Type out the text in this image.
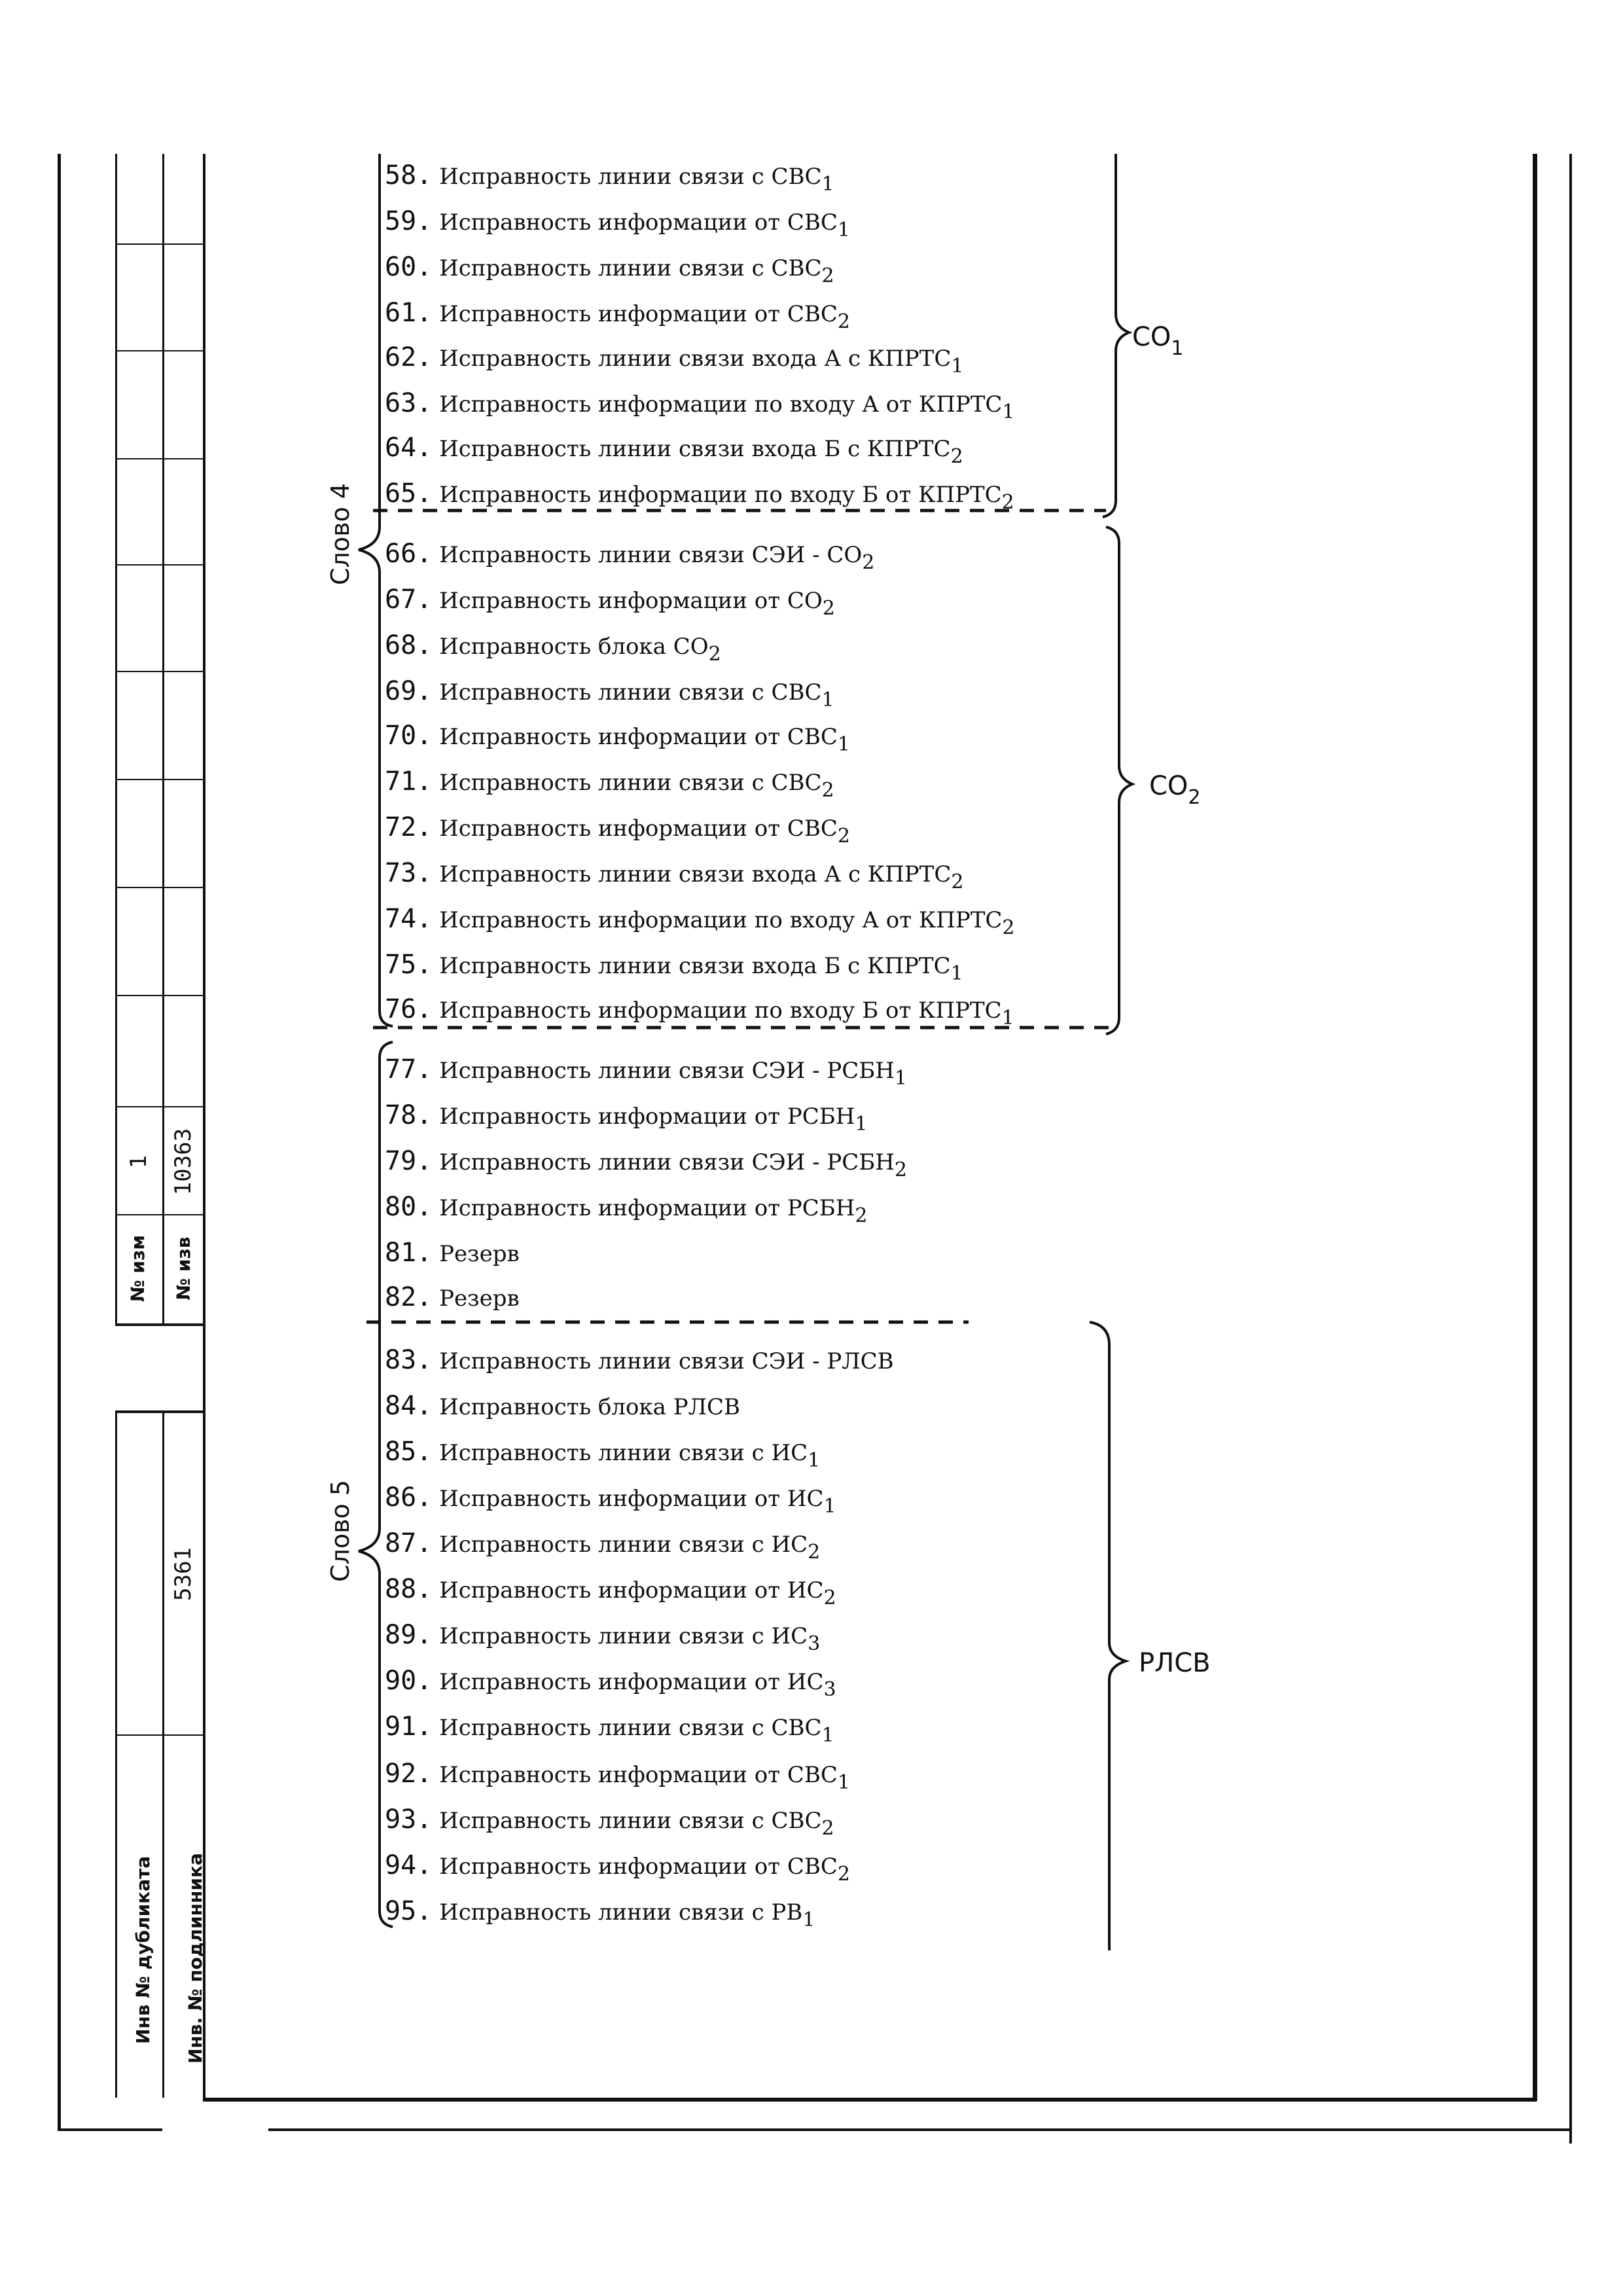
№ изм № изв
1 10363
5361
Инв № дубликата Инв. № подлинника
Слово 4
Слово 5
$CO_1$
$CO_2$
РЛСВ
58. Исправность линии связи с $СВС_1$
59. Исправность информации от $СВС_1$
60. Исправность линии связи с $СВС_2$
61. Исправность информации от $СВС_2$
62. Исправность линии связи входа А с $КПРТС_1$
63. Исправность информации по входу А от $КПРТС_1$
64. Исправность линии связи входа Б с $КПРТС_2$
65. Исправность информации по входу Б от $КПРТС_2$
66. Исправность линии связи СЭИ - $СО_2$
67. Исправность информации от $СО_2$
68. Исправность блока $СО_2$
69. Исправность линии связи с $СВС_1$
70. Исправность информации от $СВС_1$
71. Исправность линии связи с $СВС_2$
72. Исправность информации от $СВС_2$
73. Исправность линии связи входа А с $КПРТС_2$
74. Исправность информации по входу А от $КПРТС_2$
75. Исправность линии связи входа Б с $КПРТС_1$
76. Исправность информации по входу Б от $КПРТС_1$
77. Исправность линии связи СЭИ - $РСБН_1$
78. Исправность информации от $РСБН_1$
79. Исправность линии связи СЭИ - $РСБН_2$
80. Исправность информации от $РСБН_2$
81. Резерв
82. Резерв
83. Исправность линии связи СЭИ - РЛСВ
84. Исправность блока РЛСВ
85. Исправность линии связи с $ИС_1$
86. Исправность информации от $ИС_1$
87. Исправность линии связи с $ИС_2$
88. Исправность информации от $ИС_2$
89. Исправность линии связи с $ИС_3$
90. Исправность информации от $ИС_3$
91. Исправность линии связи с $СВС_1$
92. Исправность информации от $СВС_1$
93. Исправность линии связи с $СВС_2$
94. Исправность информации от $СВС_2$
95. Исправность линии связи с $РВ_1$
